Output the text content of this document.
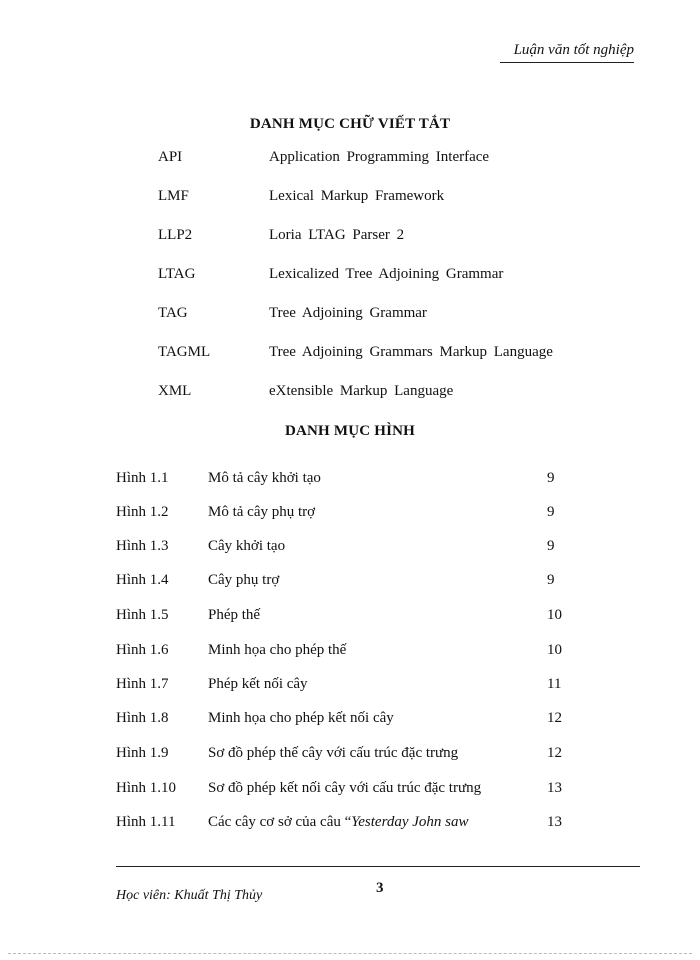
Luận văn tốt nghiệp
DANH MỤC CHỮ VIẾT TẮT
API	Application Programming Interface
LMF	Lexical Markup Framework
LLP2	Loria LTAG Parser 2
LTAG	Lexicalized Tree Adjoining Grammar
TAG	Tree Adjoining Grammar
TAGML	Tree Adjoining Grammars Markup Language
XML	eXtensible Markup Language
DANH MỤC HÌNH
Hình 1.1	Mô tả cây khởi tạo	9
Hình 1.2	Mô tả cây phụ trợ	9
Hình 1.3	Cây khởi tạo	9
Hình 1.4	Cây phụ trợ	9
Hình 1.5	Phép thế	10
Hình 1.6	Minh họa cho phép thế	10
Hình 1.7	Phép kết nối cây	11
Hình 1.8	Minh họa cho phép kết nối cây	12
Hình 1.9	Sơ đồ phép thế cây với cấu trúc đặc trưng	12
Hình 1.10 Sơ đồ phép kết nối cây với cấu trúc đặc trưng	13
Hình 1.11 Các cây cơ sở của câu “Yesterday John saw	13
Học viên: Khuất Thị Thủy	3
